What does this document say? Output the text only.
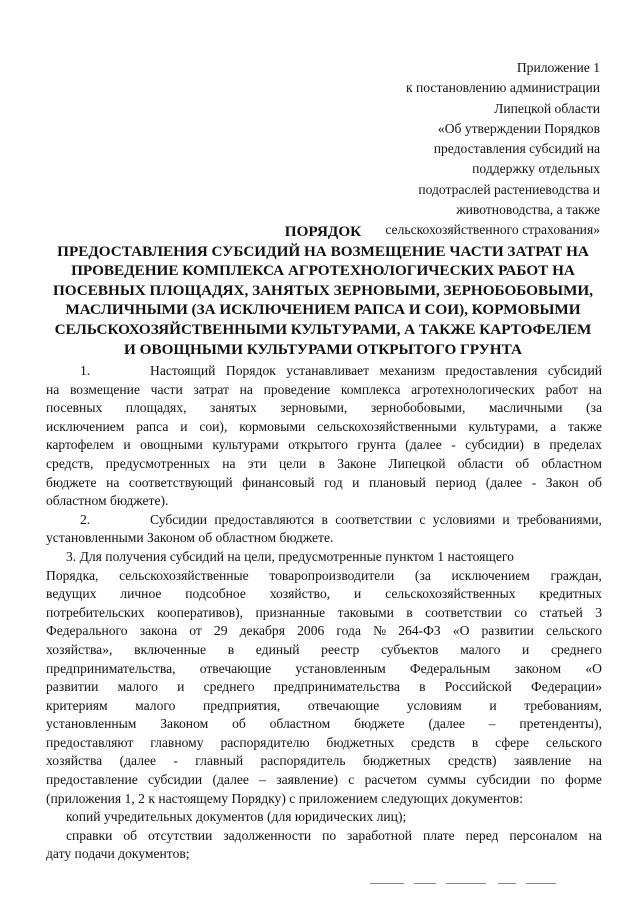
Приложение 1
к постановлению администрации
Липецкой области
«Об утверждении Порядков
предоставления субсидий на
поддержку отдельных
подотраслей растениеводства и
животноводства, а также
сельскохозяйственного страхования»
ПОРЯДОК
ПРЕДОСТАВЛЕНИЯ СУБСИДИЙ НА ВОЗМЕЩЕНИЕ ЧАСТИ ЗАТРАТ НА
ПРОВЕДЕНИЕ КОМПЛЕКСА АГРОТЕХНОЛОГИЧЕСКИХ РАБОТ НА
ПОСЕВНЫХ ПЛОЩАДЯХ, ЗАНЯТЫХ ЗЕРНОВЫМИ, ЗЕРНОБОБОВЫМИ,
МАСЛИЧНЫМИ (ЗА ИСКЛЮЧЕНИЕМ РАПСА И СОИ), КОРМОВЫМИ
СЕЛЬСКОХОЗЯЙСТВЕННЫМИ КУЛЬТУРАМИ, А ТАКЖЕ КАРТОФЕЛЕМ
И ОВОЩНЫМИ КУЛЬТУРАМИ ОТКРЫТОГО ГРУНТА
1.	Настоящий Порядок устанавливает механизм предоставления субсидий
на возмещение части затрат на проведение комплекса агротехнологических работ на
посевных площадях, занятых зерновыми, зернобобовыми, масличными (за
исключением рапса и сои), кормовыми сельскохозяйственными культурами, а также
картофелем и овощными культурами открытого грунта (далее - субсидии) в пределах
средств, предусмотренных на эти цели в Законе Липецкой области об областном
бюджете на соответствующий финансовый год и плановый период (далее - Закон об
областном бюджете).
2.	Субсидии предоставляются в соответствии с условиями и требованиями,
установленными Законом об областном бюджете.
3. Для получения субсидий на цели, предусмотренные пунктом 1 настоящего
Порядка, сельскохозяйственные товаропроизводители (за исключением граждан,
ведущих личное подсобное хозяйство, и сельскохозяйственных кредитных
потребительских кооперативов), признанные таковыми в соответствии со статьей 3
Федерального закона от 29 декабря 2006 года № 264-ФЗ «О развитии сельского
хозяйства», включенные в единый реестр субъектов малого и среднего
предпринимательства, отвечающие установленным Федеральным законом «О
развитии малого и среднего предпринимательства в Российской Федерации»
критериям малого предприятия, отвечающие условиям и требованиям,
установленным Законом об областном бюджете (далее – претенденты),
предоставляют главному распорядителю бюджетных средств в сфере сельского
хозяйства (далее - главный распорядитель бюджетных средств) заявление на
предоставление субсидии (далее – заявление) с расчетом суммы субсидии по форме
(приложения 1, 2 к настоящему Порядку) с приложением следующих документов:
копий учредительных документов (для юридических лиц);
справки об отсутствии задолженности по заработной плате перед персоналом на
дату подачи документов;
